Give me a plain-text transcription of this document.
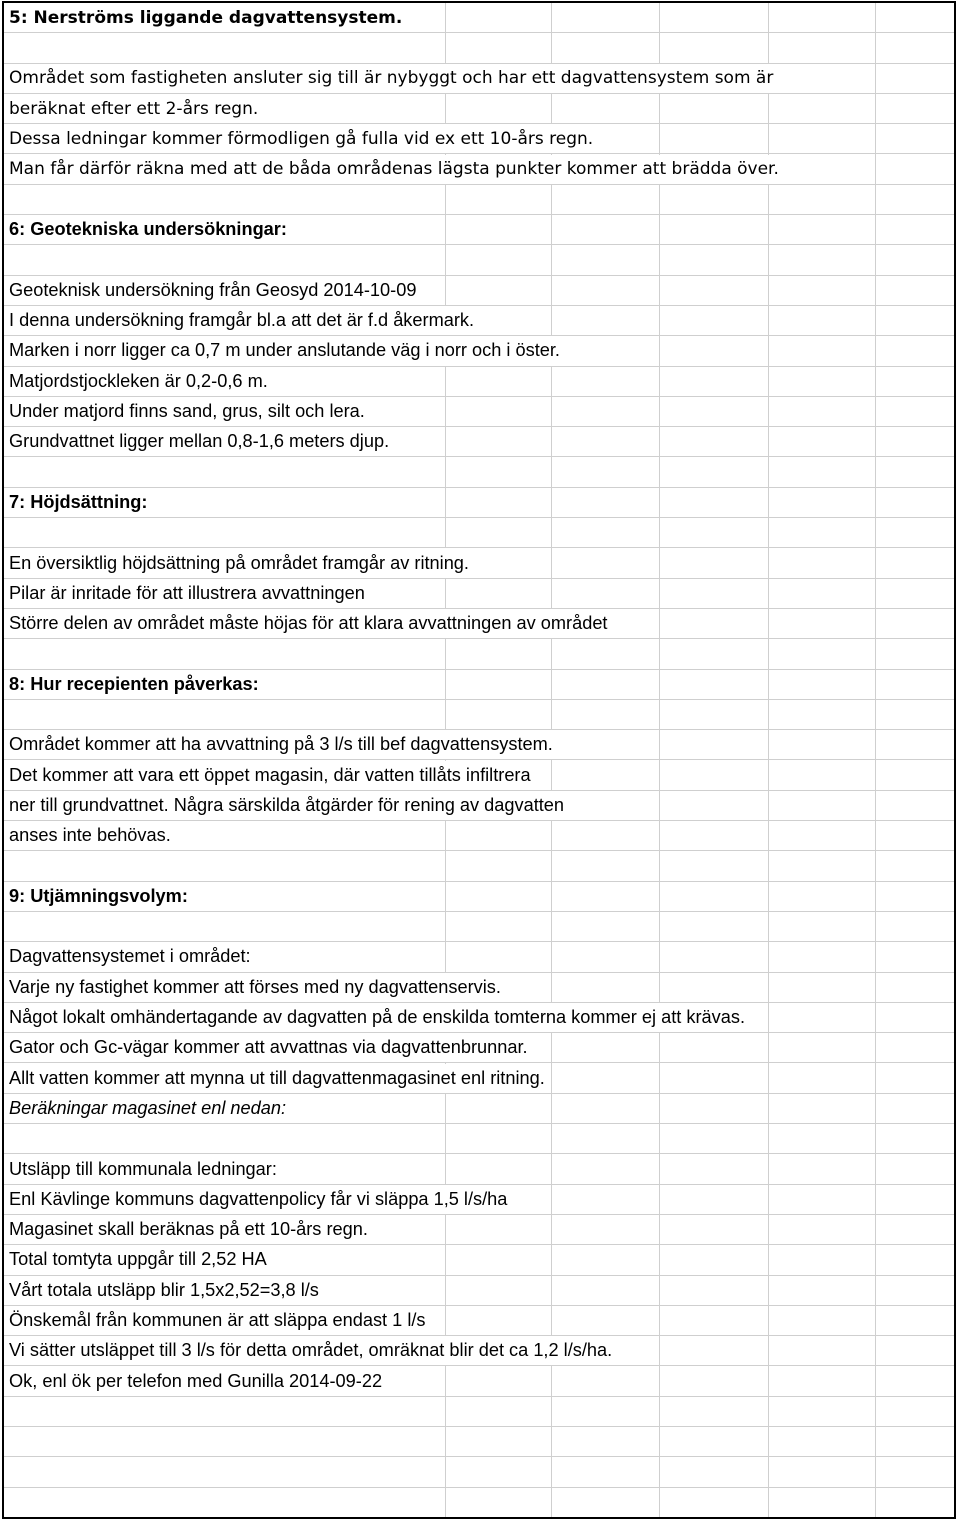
5: Nerströms liggande dagvattensystem.
Området som fastigheten ansluter sig till är nybyggt och har ett dagvattensystem som är
beräknat efter ett 2-års regn.
Dessa ledningar kommer förmodligen gå fulla vid ex ett 10-års regn.
Man får därför räkna med att de båda områdenas lägsta punkter kommer att brädda över.
6: Geotekniska undersökningar:
Geoteknisk undersökning från Geosyd 2014-10-09
I denna undersökning framgår bl.a att det är f.d åkermark.
Marken i norr ligger ca 0,7 m under anslutande väg i norr och i öster.
Matjordstjockleken är 0,2-0,6 m.
Under matjord finns sand, grus, silt och lera.
Grundvattnet ligger mellan 0,8-1,6 meters djup.
7: Höjdsättning:
En översiktlig höjdsättning på området framgår av ritning.
Pilar är inritade för att illustrera avvattningen
Större delen av området måste höjas för att klara avvattningen av området
8: Hur recepienten påverkas:
Området kommer att ha avvattning på 3 l/s till bef dagvattensystem.
Det kommer att vara ett öppet magasin, där vatten tillåts infiltrera
ner till grundvattnet. Några särskilda åtgärder för rening av dagvatten
anses inte behövas.
9: Utjämningsvolym:
Dagvattensystemet i området:
Varje ny fastighet kommer att förses med ny dagvattenservis.
Något lokalt omhändertagande av dagvatten på de enskilda tomterna kommer ej att krävas.
Gator och Gc-vägar kommer att avvattnas via dagvattenbrunnar.
Allt vatten kommer att mynna ut till dagvattenmagasinet enl ritning.
Beräkningar magasinet enl nedan:
Utsläpp till kommunala ledningar:
Enl Kävlinge kommuns dagvattenpolicy får vi släppa 1,5 l/s/ha
Magasinet skall beräknas på ett 10-års regn.
Total tomtyta uppgår till 2,52 HA
Vårt totala utsläpp blir 1,5x2,52=3,8 l/s
Önskemål från kommunen är att släppa endast 1 l/s
Vi sätter utsläppet till 3 l/s för detta området, omräknat blir det ca 1,2 l/s/ha.
Ok, enl ök per telefon med Gunilla 2014-09-22
